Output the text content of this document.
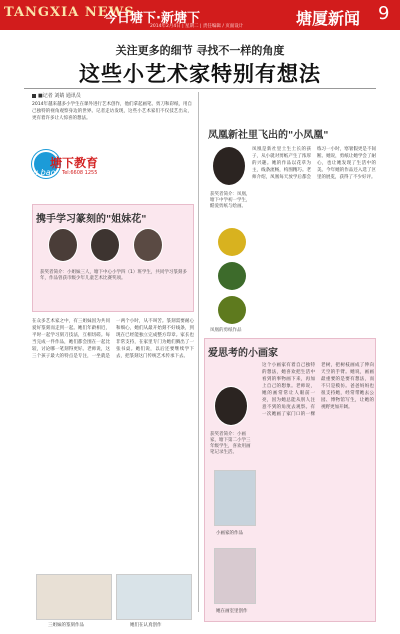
TANGXIA NEWS
今日塘下·新塘下
2014年2月4日 | 星期二 | 责任编辑 / 页面设计	塘厦新闻 9
关注更多的细节 寻找不一样的角度
这些小艺术家特别有想法
■记者 刘婧 通讯员
2014年越来越多小学生在课外进行艺术创作，他们拿起画笔、剪刀和彩纸，用自己独特的视角观察身边的世界。记者走访发现，这些小艺术家们不仅技艺出众，更有着许多让人惊喜的想法。
塘下教育
u bao Tel:6608 1255
携手学习篆刻的"姐妹花"
获奖者简介：小姐妹三人，塘下中心小学四（1）班学生，共同学习篆刻多年，作品曾获市级少年儿童艺术比赛奖项。
在众多艺术家之中，有三姐妹因为共同爱好篆刻而走到一起。她们年龄相近，平时一起学习刻刀技法，互相切磋。每当完成一件作品，她们都会围在一起比较，讨论哪一笔刻得更好。老师说，这三个孩子最大的特点是专注，一坐就是一两个小时，从不叫苦。篆刻需要耐心和细心，她们从最开始刻不好线条，到现在已经能独立完成整方印章。家长也非常支持，在家里专门为她们腾出了一张书桌。她们说，以后还要继续学下去，把篆刻这门传统艺术传承下去。
三姐妹的篆刻作品	她们在认真创作
凤凰新社里飞出的"小凤凰"
获奖者简介：凤凰，塘下中学初一学生，酷爱剪纸与绘画。
凤凰的剪纸作品
凤凰是新社里土生土长的孩子，从小就对剪纸产生了浓厚的兴趣。她的作品以花草为主，线条流畅，构图精巧。老师介绍，凤凰每天放学后都会练习一小时，寒暑假更是不间断。她说，剪纸让她学会了耐心，也让她发现了生活中的美。今年她的作品还入选了区里的展览，获得了不少好评。
爱思考的小画家
获奖者简介：小画家，塘下第二小学三年级学生，喜欢用画笔记录生活。
小画家的作品
她在画室里创作
这个小画家有着自己独特的想法，她喜欢把生活中看到的事物画下来，再加上自己的想象。老师说，她的画常常让人眼前一亮，因为她总能从别人注意不到的角度去观察。有一次她画了家门口的一棵老树，把树枝画成了伸向天空的手臂。她说，画画最重要的是要有想法，而不只是模仿。爸爸妈妈也很支持她，经常带她去公园、博物馆写生，让她的视野更加开阔。
